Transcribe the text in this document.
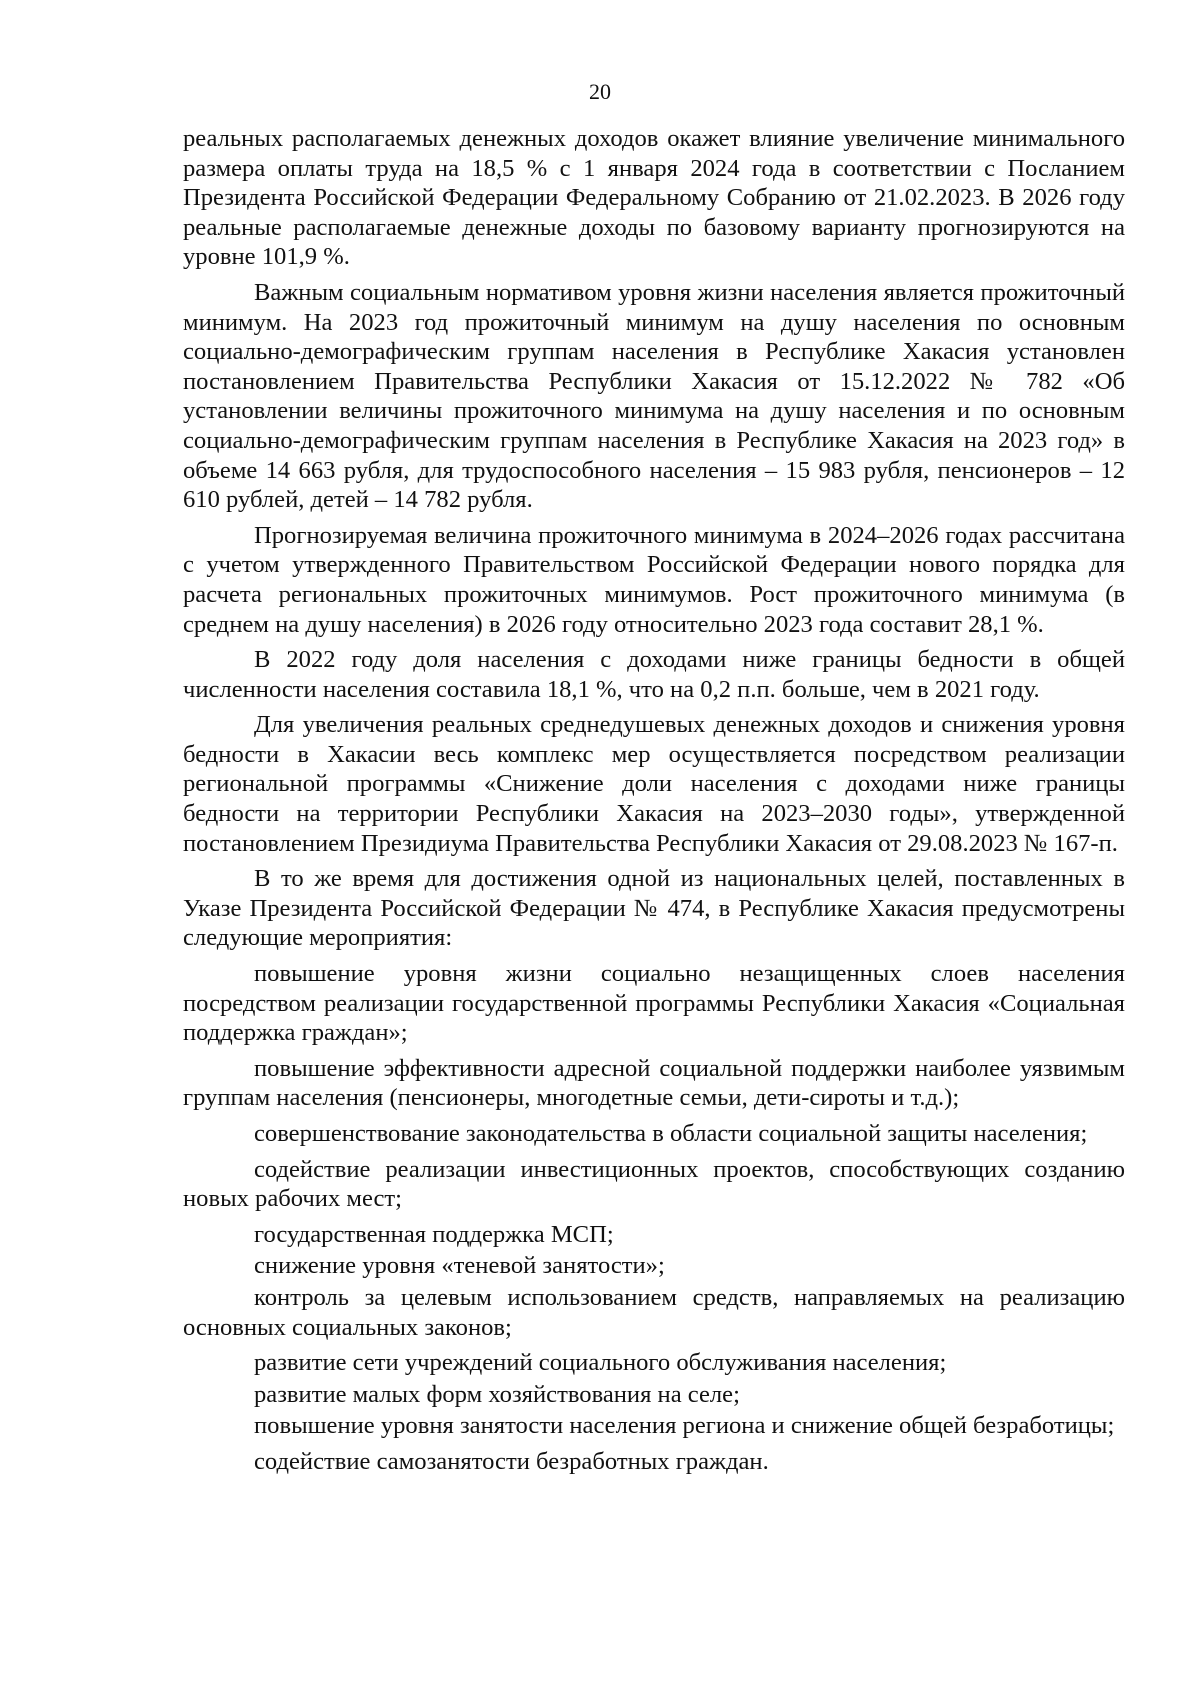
20

реальных располагаемых денежных доходов окажет влияние увеличение минимального размера оплаты труда на 18,5 % с 1 января 2024 года в соответствии с Посланием Президента Российской Федерации Федеральному Собранию от 21.02.2023. В 2026 году реальные располагаемые денежные доходы по базовому варианту прогнозируются на уровне 101,9 %.

Важным социальным нормативом уровня жизни населения является прожиточный минимум. На 2023 год прожиточный минимум на душу населения по основным социально-демографическим группам населения в Республике Хакасия установлен постановлением Правительства Республики Хакасия от 15.12.2022 № 782 «Об установлении величины прожиточного минимума на душу населения и по основным социально-демографическим группам населения в Республике Хакасия на 2023 год» в объеме 14 663 рубля, для трудоспособного населения – 15 983 рубля, пенсионеров – 12 610 рублей, детей – 14 782 рубля.

Прогнозируемая величина прожиточного минимума в 2024–2026 годах рассчитана с учетом утвержденного Правительством Российской Федерации нового порядка для расчета региональных прожиточных минимумов. Рост прожиточного минимума (в среднем на душу населения) в 2026 году относительно 2023 года составит 28,1 %.

В 2022 году доля населения с доходами ниже границы бедности в общей численности населения составила 18,1 %, что на 0,2 п.п. больше, чем в 2021 году.

Для увеличения реальных среднедушевых денежных доходов и снижения уровня бедности в Хакасии весь комплекс мер осуществляется посредством реализации региональной программы «Снижение доли населения с доходами ниже границы бедности на территории Республики Хакасия на 2023–2030 годы», утвержденной постановлением Президиума Правительства Республики Хакасия от 29.08.2023 № 167-п.

В то же время для достижения одной из национальных целей, поставленных в Указе Президента Российской Федерации № 474, в Республике Хакасия предусмотрены следующие мероприятия:

повышение уровня жизни социально незащищенных слоев населения посредством реализации государственной программы Республики Хакасия «Социальная поддержка граждан»;

повышение эффективности адресной социальной поддержки наиболее уязвимым группам населения (пенсионеры, многодетные семьи, дети-сироты и т.д.);

совершенствование законодательства в области социальной защиты населения;

содействие реализации инвестиционных проектов, способствующих созданию новых рабочих мест;

государственная поддержка МСП;

снижение уровня «теневой занятости»;

контроль за целевым использованием средств, направляемых на реализацию основных социальных законов;

развитие сети учреждений социального обслуживания населения;

развитие малых форм хозяйствования на селе;

повышение уровня занятости населения региона и снижение общей безработицы;

содействие самозанятости безработных граждан.
